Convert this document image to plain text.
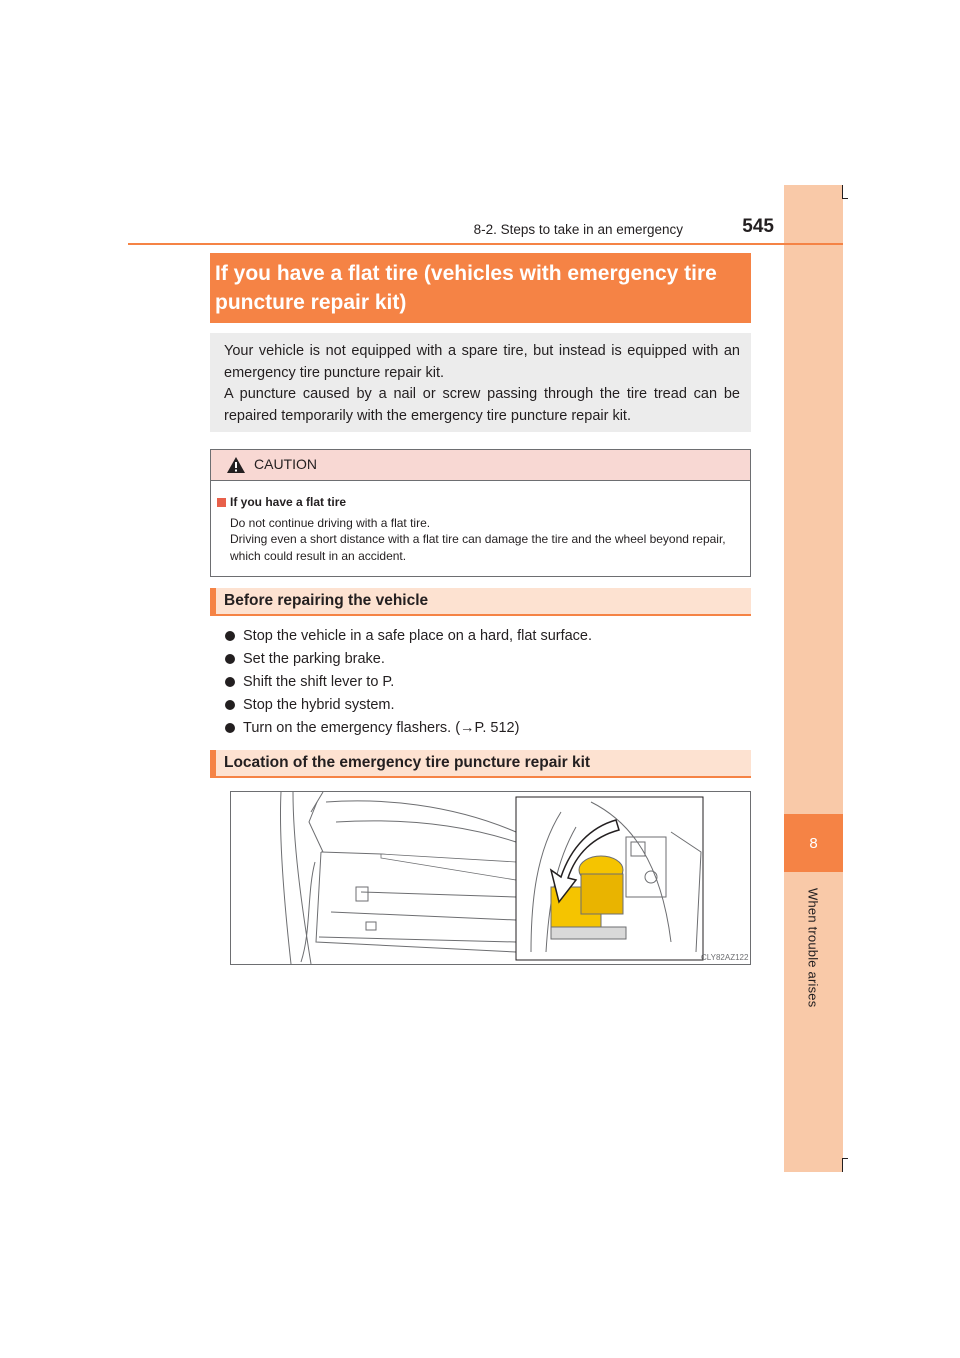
8
When trouble arises
8-2. Steps to take in an emergency	545
If you have a flat tire (vehicles with emergency tire
puncture repair kit)

Your vehicle is not equipped with a spare tire, but instead is equipped with an emergency tire puncture repair kit.

A puncture caused by a nail or screw passing through the tire tread can be repaired temporarily with the emergency tire puncture repair kit.

CAUTION
If you have a flat tire
Do not continue driving with a flat tire.
Driving even a short distance with a flat tire can damage the tire and the wheel beyond repair, which could result in an accident.
Before repairing the vehicle
Stop the vehicle in a safe place on a hard, flat surface.
Set the parking brake.
Shift the shift lever to P.
Stop the hybrid system.
Turn on the emergency flashers. (→P. 512)
Location of the emergency tire puncture repair kit
CLY82AZ122
